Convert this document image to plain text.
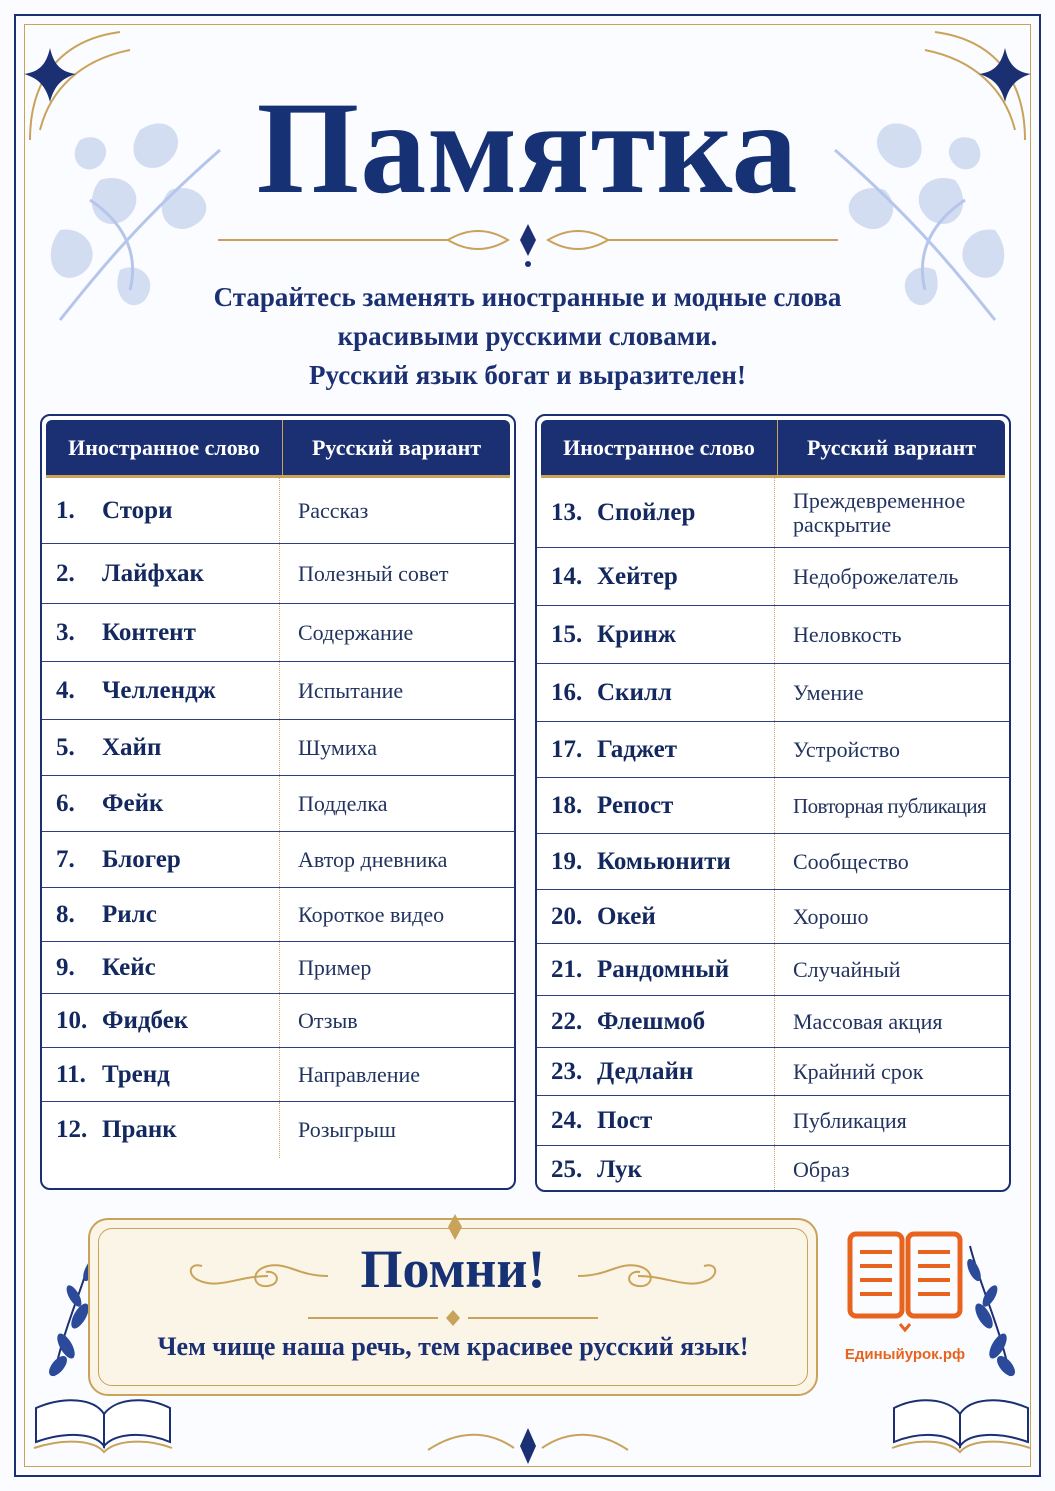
Памятка
Старайтесь заменять иностранные и модные слова
красивыми русскими словами.
Русский язык богат и выразителен!
Иностранное слово	Русский вариант
1.	Стори	Рассказ
2.	Лайфхак	Полезный совет
3.	Контент	Содержание
4.	Челлендж	Испытание
5.	Хайп	Шумиха
6.	Фейк	Подделка
7.	Блогер	Автор дневника
8.	Рилс	Короткое видео
9.	Кейс	Пример
10. Фидбек	Отзыв
11. Тренд	Направление
12. Пранк	Розыгрыш
Иностранное слово	Русский вариант
13. Спойлер	Преждевременное раскрытие
14. Хейтер	Недоброжелатель
15. Кринж	Неловкость
16. Скилл	Умение
17. Гаджет	Устройство
18. Репост	Повторная публикация
19. Комьюнити	Сообщество
20. Окей	Хорошо
21. Рандомный	Случайный
22. Флешмоб	Массовая акция
23. Дедлайн	Крайний срок
24. Пост	Публикация
25. Лук	Образ
Помни!
Чем чище наша речь, тем красивее русский язык!	Единыйурок.рф
